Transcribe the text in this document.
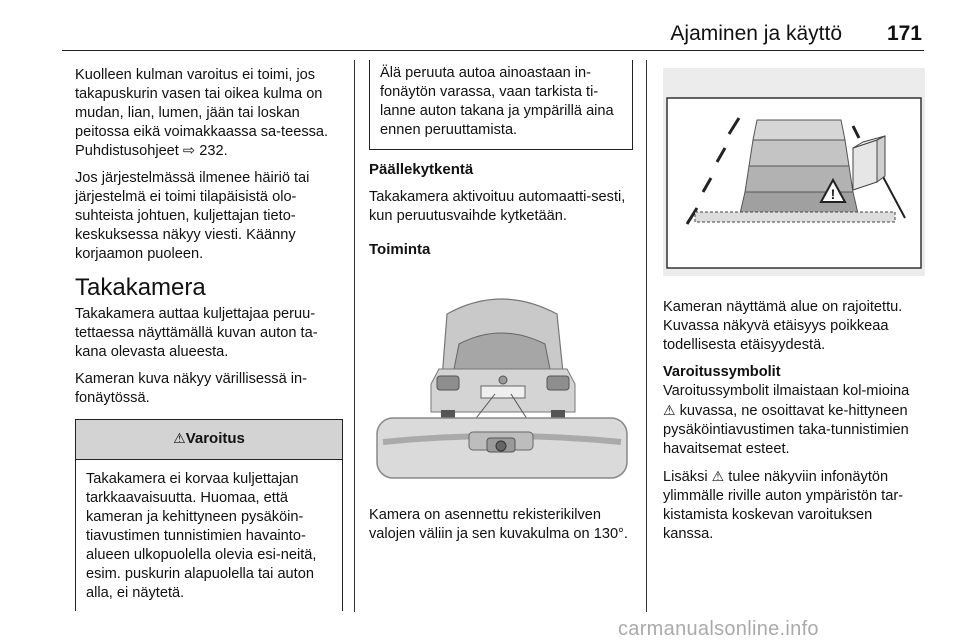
Ajaminen ja käyttö 171

Kuolleen kulman varoitus ei toimi, jos takapuskurin vasen tai oikea kulma on mudan, lian, lumen, jään tai loskan peitossa eikä voimakkaassa sa-teessa. Puhdistusohjeet ⇨ 232.

Jos järjestelmässä ilmenee häiriö tai järjestelmä ei toimi tilapäisistä olo-suhteista johtuen, kuljettajan tieto-keskuksessa näkyy viesti. Käänny korjaamon puoleen.

Takakamera

Takakamera auttaa kuljettajaa peruu-tettaessa näyttämällä kuvan auton ta-kana olevasta alueesta.

Kameran kuva näkyy värillisessä in-fonäytössä.

⚠Varoitus
Takakamera ei korvaa kuljettajan tarkkaavaisuutta. Huomaa, että kameran ja kehittyneen pysäköin-tiavustimen tunnistimien havainto-alueen ulkopuolella olevia esi-neitä, esim. puskurin alapuolella tai auton alla, ei näytetä.
Älä peruuta autoa ainoastaan in-fonäytön varassa, vaan tarkista ti-lanne auton takana ja ympärillä aina ennen peruuttamista.
Päällekytkentä

Takakamera aktivoituu automaatti-sesti, kun peruutusvaihde kytketään.

Toiminta

Kamera on asennettu rekisterikilven valojen väliin ja sen kuvakulma on 130°.

!

Kameran näyttämä alue on rajoitettu. Kuvassa näkyvä etäisyys poikkeaa todellisesta etäisyydestä.

Varoitussymbolit

Varoitussymbolit ilmaistaan kol-mioina ⚠ kuvassa, ne osoittavat ke-hittyneen pysäköintiavustimen taka-tunnistimien havaitsemat esteet.

Lisäksi ⚠ tulee näkyviin infonäytön ylimmälle riville auton ympäristön tar-kistamista koskevan varoituksen kanssa.

carmanualsonline.info
